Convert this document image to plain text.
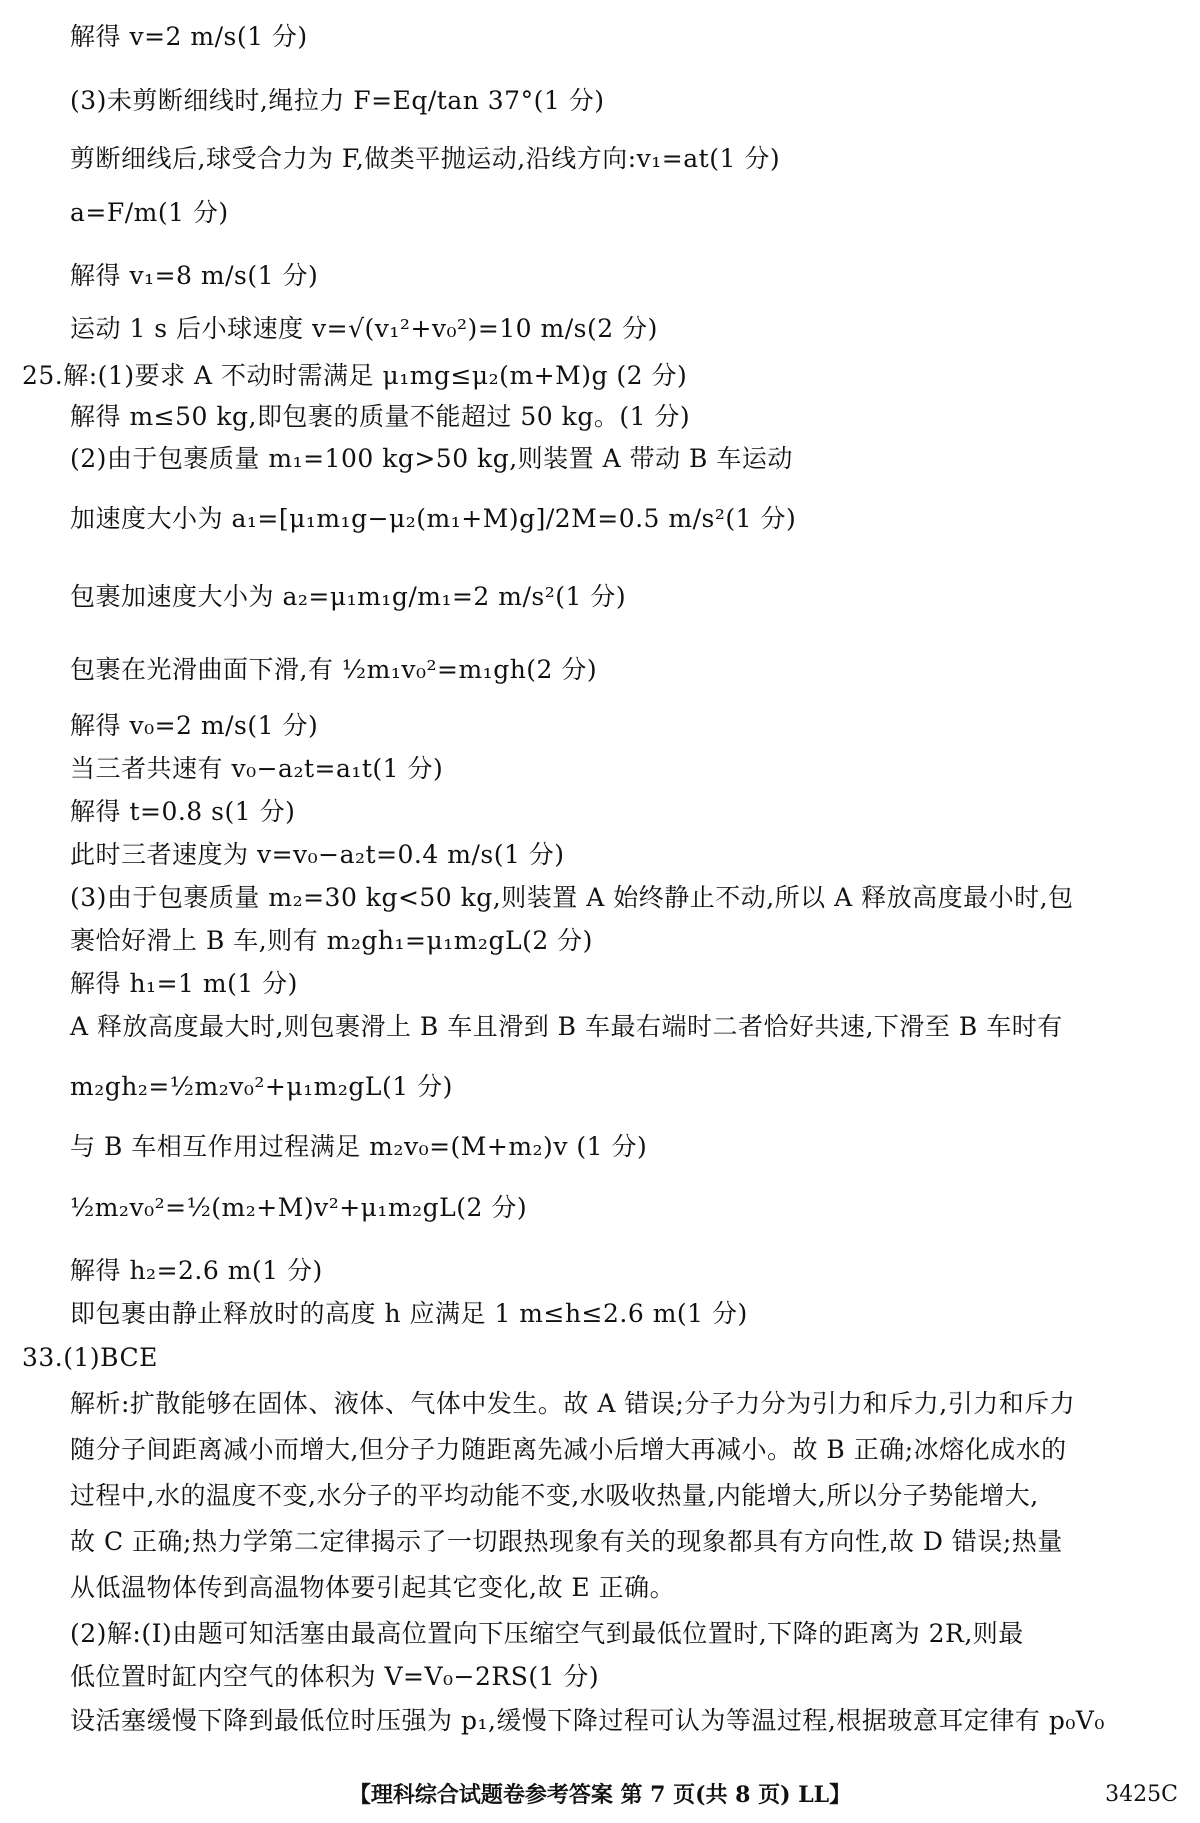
解得 v=2 m/s(1 分)
(3)未剪断细线时,绳拉力 F=Eq/tan 37°(1 分)
剪断细线后,球受合力为 F,做类平抛运动,沿线方向:v₁=at(1 分)
a=F/m(1 分)
解得 v₁=8 m/s(1 分)
运动 1 s 后小球速度 v=√(v₁²+v₀²)=10 m/s(2 分)
25.解:(1)要求 A 不动时需满足 μ₁mg≤μ₂(m+M)g (2 分)
解得 m≤50 kg,即包裹的质量不能超过 50 kg。(1 分)
(2)由于包裹质量 m₁=100 kg>50 kg,则装置 A 带动 B 车运动
加速度大小为 a₁=[μ₁m₁g−μ₂(m₁+M)g]/2M=0.5 m/s²(1 分)
包裹加速度大小为 a₂=μ₁m₁g/m₁=2 m/s²(1 分)
包裹在光滑曲面下滑,有 ½m₁v₀²=m₁gh(2 分)
解得 v₀=2 m/s(1 分)
当三者共速有 v₀−a₂t=a₁t(1 分)
解得 t=0.8 s(1 分)
此时三者速度为 v=v₀−a₂t=0.4 m/s(1 分)
(3)由于包裹质量 m₂=30 kg<50 kg,则装置 A 始终静止不动,所以 A 释放高度最小时,包
裹恰好滑上 B 车,则有 m₂gh₁=μ₁m₂gL(2 分)
解得 h₁=1 m(1 分)
A 释放高度最大时,则包裹滑上 B 车且滑到 B 车最右端时二者恰好共速,下滑至 B 车时有
m₂gh₂=½m₂v₀²+μ₁m₂gL(1 分)
与 B 车相互作用过程满足 m₂v₀=(M+m₂)v (1 分)
½m₂v₀²=½(m₂+M)v²+μ₁m₂gL(2 分)
解得 h₂=2.6 m(1 分)
即包裹由静止释放时的高度 h 应满足 1 m≤h≤2.6 m(1 分)
33.(1)BCE
解析:扩散能够在固体、液体、气体中发生。故 A 错误;分子力分为引力和斥力,引力和斥力
随分子间距离减小而增大,但分子力随距离先减小后增大再减小。故 B 正确;冰熔化成水的
过程中,水的温度不变,水分子的平均动能不变,水吸收热量,内能增大,所以分子势能增大,
故 C 正确;热力学第二定律揭示了一切跟热现象有关的现象都具有方向性,故 D 错误;热量
从低温物体传到高温物体要引起其它变化,故 E 正确。
(2)解:(Ⅰ)由题可知活塞由最高位置向下压缩空气到最低位置时,下降的距离为 2R,则最
低位置时缸内空气的体积为 V=V₀−2RS(1 分)
设活塞缓慢下降到最低位时压强为 p₁,缓慢下降过程可认为等温过程,根据玻意耳定律有 p₀V₀
【理科综合试题卷参考答案 第 7 页(共 8 页) LL】	3425C
